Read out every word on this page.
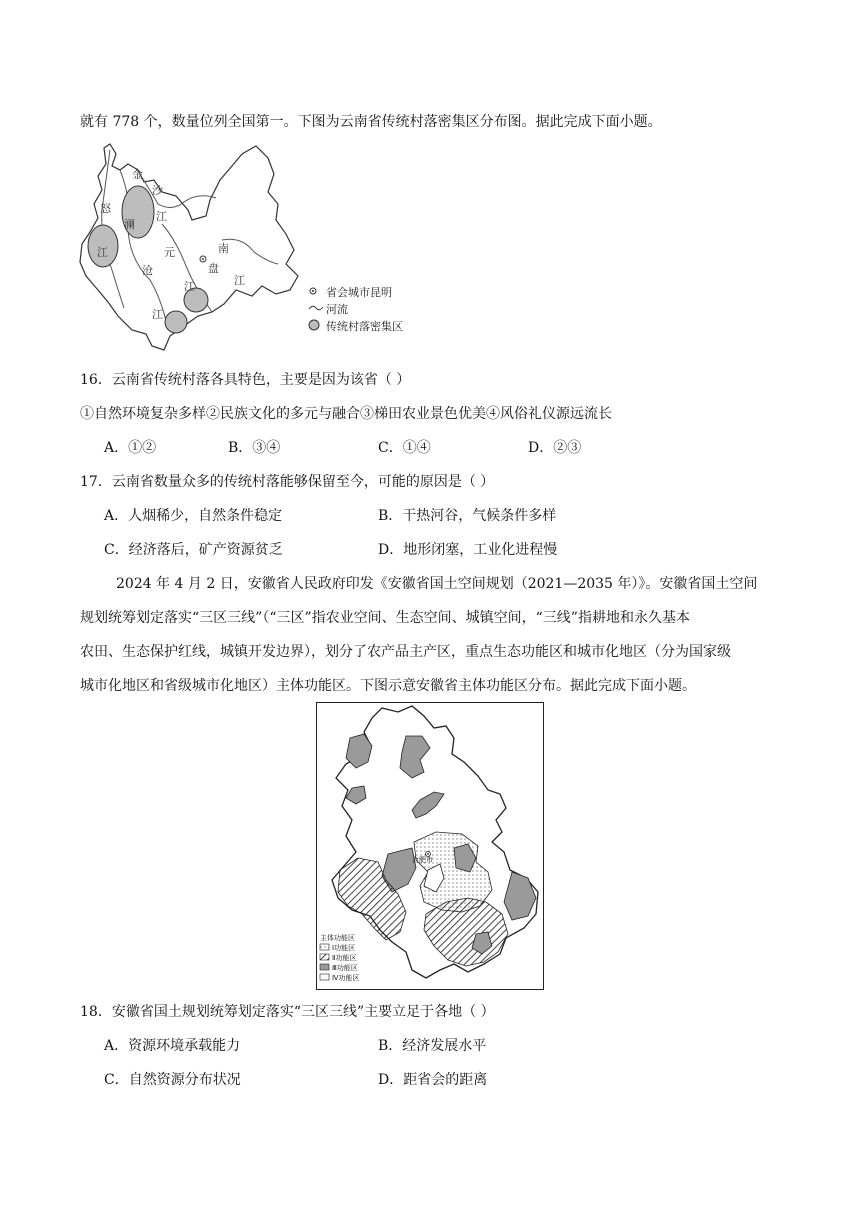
就有 778 个，数量位列全国第一。下图为云南省传统村落密集区分布图。据此完成下面小题。
金
沙
江
怒
澜
江	元	南
盘
江
沧
江
江
省会城市昆明
河流
传统村落密集区
16．云南省传统村落各具特色，主要是因为该省（ ）
①自然环境复杂多样②民族文化的多元与融合③梯田农业景色优美④风俗礼仪源远流长
A．①②	B．③④	C．①④	D．②③
17．云南省数量众多的传统村落能够保留至今，可能的原因是（ ）
A．人烟稀少，自然条件稳定	B．干热河谷，气候条件多样
C．经济落后，矿产资源贫乏	D．地形闭塞，工业化进程慢
2024 年 4 月 2 日，安徽省人民政府印发《安徽省国土空间规划（2021—2035 年）》。安徽省国土空间
规划统筹划定落实“三区三线”（“三区”指农业空间、生态空间、城镇空间，“三线”指耕地和永久基本
农田、生态保护红线，城镇开发边界），划分了农产品主产区，重点生态功能区和城市化地区（分为国家级
城市化地区和省级城市化地区）主体功能区。下图示意安徽省主体功能区分布。据此完成下面小题。
合肥市
主体功能区
Ⅰ功能区
Ⅱ功能区
Ⅲ功能区
Ⅳ功能区
18．安徽省国土规划统筹划定落实“三区三线”主要立足于各地（ ）
A．资源环境承载能力	B．经济发展水平
C．自然资源分布状况	D．距省会的距离
